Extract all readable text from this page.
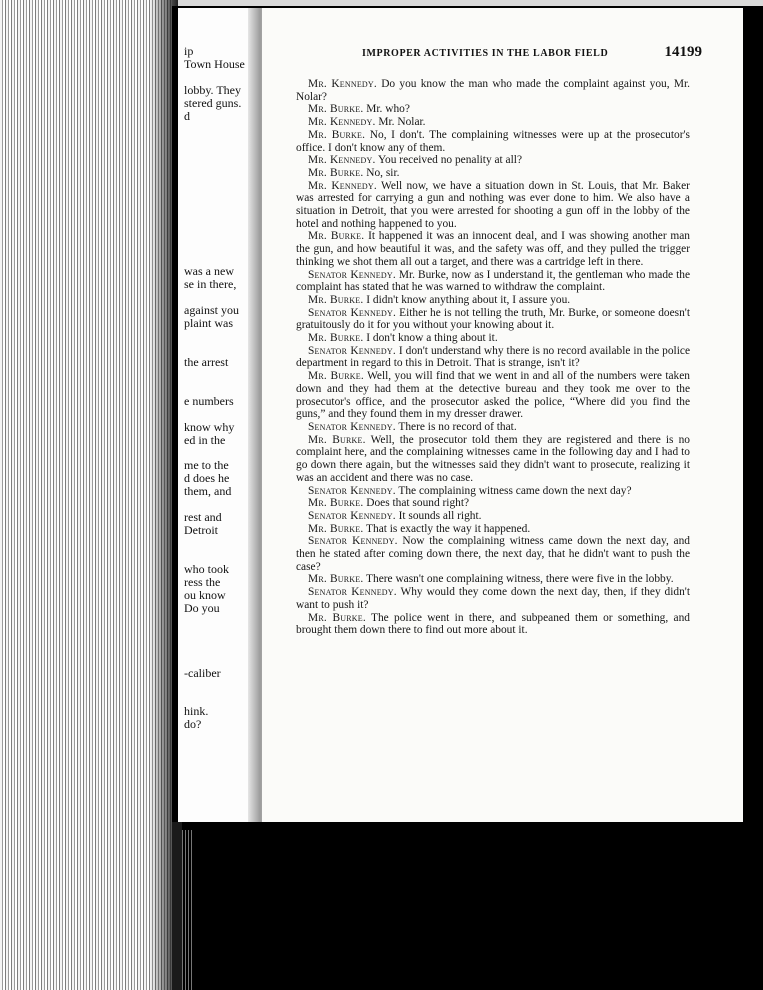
ip
Town House
lobby. They
stered guns.
d
was a new
se in there,
against you
plaint was
the arrest
e numbers
know why
ed in the
me to the
d does he
them, and
rest and
Detroit
who took
ress the
ou know
Do you
-caliber
hink.
do?
IMPROPER ACTIVITIES IN THE LABOR FIELD	14199

Mr. Kennedy. Do you know the man who made the complaint against you, Mr. Nolar?

Mr. Burke. Mr. who?

Mr. Kennedy. Mr. Nolar.

Mr. Burke. No, I don't. The complaining witnesses were up at the prosecutor's office. I don't know any of them.

Mr. Kennedy. You received no penality at all?

Mr. Burke. No, sir.

Mr. Kennedy. Well now, we have a situation down in St. Louis, that Mr. Baker was arrested for carrying a gun and nothing was ever done to him. We also have a situation in Detroit, that you were arrested for shooting a gun off in the lobby of the hotel and nothing happened to you.

Mr. Burke. It happened it was an innocent deal, and I was showing another man the gun, and how beautiful it was, and the safety was off, and they pulled the trigger thinking we shot them all out a target, and there was a cartridge left in there.

Senator Kennedy. Mr. Burke, now as I understand it, the gentleman who made the complaint has stated that he was warned to withdraw the complaint.

Mr. Burke. I didn't know anything about it, I assure you.

Senator Kennedy. Either he is not telling the truth, Mr. Burke, or someone doesn't gratuitously do it for you without your knowing about it.

Mr. Burke. I don't know a thing about it.

Senator Kennedy. I don't understand why there is no record available in the police department in regard to this in Detroit. That is strange, isn't it?

Mr. Burke. Well, you will find that we went in and all of the numbers were taken down and they had them at the detective bureau and they took me over to the prosecutor's office, and the prosecutor asked the police, “Where did you find the guns,” and they found them in my dresser drawer.

Senator Kennedy. There is no record of that.

Mr. Burke. Well, the prosecutor told them they are registered and there is no complaint here, and the complaining witnesses came in the following day and I had to go down there again, but the witnesses said they didn't want to prosecute, realizing it was an accident and there was no case.

Senator Kennedy. The complaining witness came down the next day?

Mr. Burke. Does that sound right?

Senator Kennedy. It sounds all right.

Mr. Burke. That is exactly the way it happened.

Senator Kennedy. Now the complaining witness came down the next day, and then he stated after coming down there, the next day, that he didn't want to push the case?

Mr. Burke. There wasn't one complaining witness, there were five in the lobby.

Senator Kennedy. Why would they come down the next day, then, if they didn't want to push it?

Mr. Burke. The police went in there, and subpeaned them or something, and brought them down there to find out more about it.
